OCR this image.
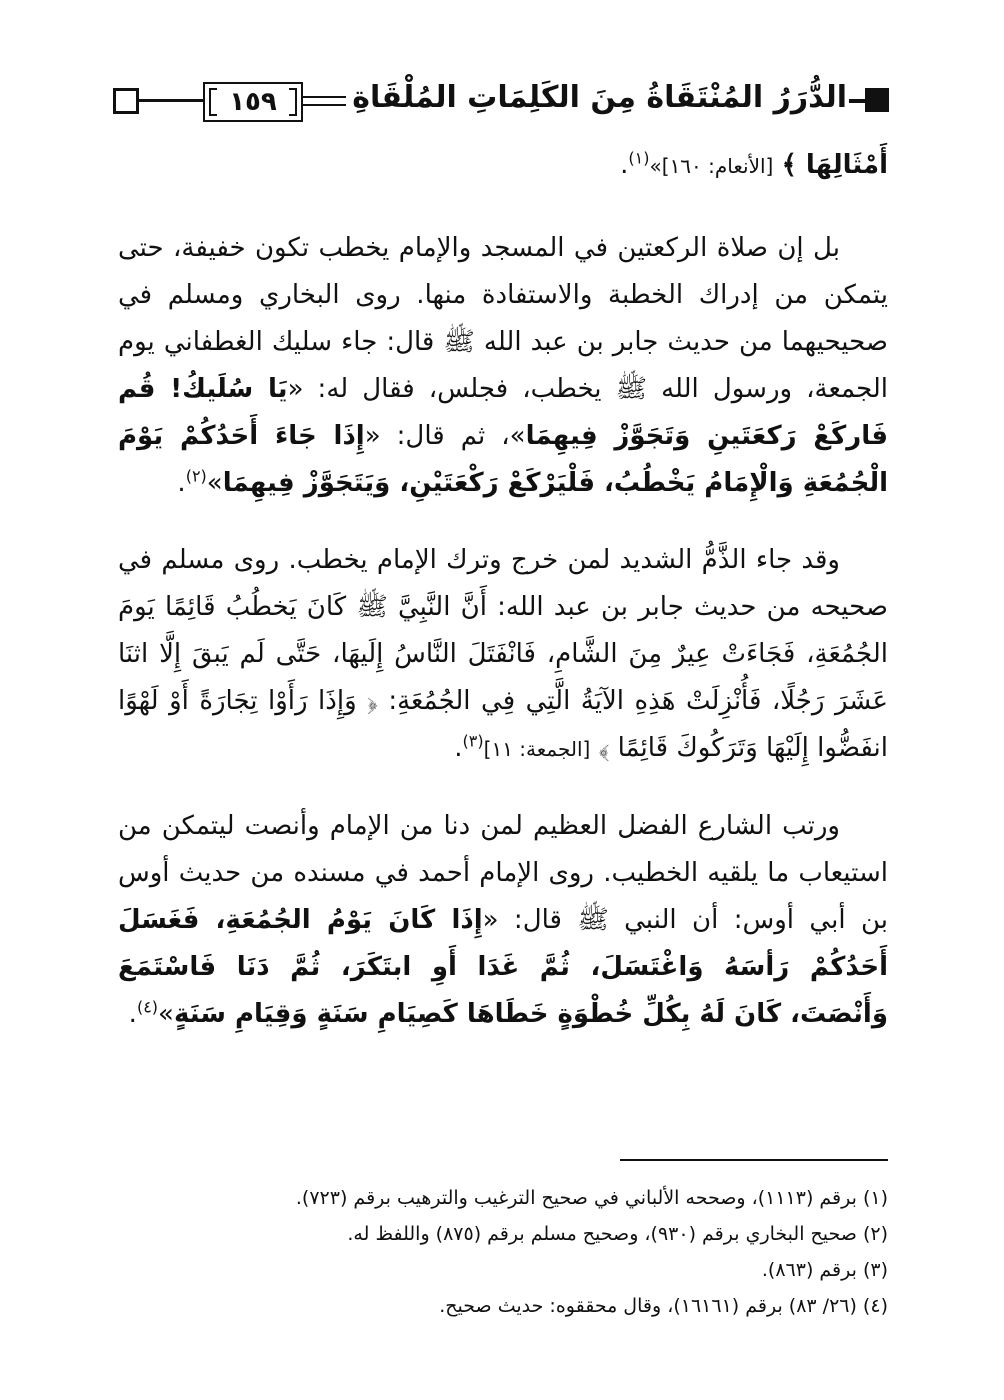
١٥٩	الدُّرَرُ المُنْتَقَاةُ مِنَ الكَلِمَاتِ المُلْقَاةِ

أَمْثَالِهَا ﴾ [الأنعام: ١٦٠]»$^{(١)}$.

بل إن صلاة الركعتين في المسجد والإمام يخطب تكون خفيفة، حتى يتمكن من إدراك الخطبة والاستفادة منها. روى البخاري ومسلم في صحيحيهما من حديث جابر بن عبد الله ﷺ قال: جاء سليك الغطفاني يوم الجمعة، ورسول الله ﷺ يخطب، فجلس، فقال له: «يَا سُلَيكُ! قُم فَاركَعْ رَكعَتَينِ وَتَجَوَّزْ فِيهِمَا»، ثم قال: «إِذَا جَاءَ أَحَدُكُمْ يَوْمَ الْجُمُعَةِ وَالْإِمَامُ يَخْطُبُ، فَلْيَرْكَعْ رَكْعَتَيْنِ، وَيَتَجَوَّزْ فِيهِمَا»$^{(٢)}$.

وقد جاء الذَّمُّ الشديد لمن خرج وترك الإمام يخطب. روى مسلم في صحيحه من حديث جابر بن عبد الله: أَنَّ النَّبِيَّ ﷺ كَانَ يَخطُبُ قَائِمًا يَومَ الجُمُعَةِ، فَجَاءَتْ عِيرٌ مِنَ الشَّامِ، فَانْفَتَلَ النَّاسُ إِلَيهَا، حَتَّى لَم يَبقَ إِلَّا اثنَا عَشَرَ رَجُلًا، فَأُنْزِلَتْ هَذِهِ الآيَةُ الَّتِي فِي الجُمُعَةِ: ﴿ وَإِذَا رَأَوْا تِجَارَةً أَوْ لَهْوًا انفَضُّوا إِلَيْهَا وَتَرَكُوكَ قَائِمًا ﴾ [الجمعة: ١١]$^{(٣)}$.

ورتب الشارع الفضل العظيم لمن دنا من الإمام وأنصت ليتمكن من استيعاب ما يلقيه الخطيب. روى الإمام أحمد في مسنده من حديث أوس بن أبي أوس: أن النبي ﷺ قال: «إِذَا كَانَ يَوْمُ الجُمُعَةِ، فَغَسَلَ أَحَدُكُمْ رَأسَهُ وَاغْتَسَلَ، ثُمَّ غَدَا أَوِ ابتَكَرَ، ثُمَّ دَنَا فَاسْتَمَعَ وَأَنْصَتَ، كَانَ لَهُ بِكُلِّ خُطْوَةٍ خَطَاهَا كَصِيَامِ سَنَةٍ وَقِيَامِ سَنَةٍ»$^{(٤)}$.

(١) برقم (١١١٣)، وصححه الألباني في صحيح الترغيب والترهيب برقم (٧٢٣).
(٢) صحيح البخاري برقم (٩٣٠)، وصحيح مسلم برقم (٨٧٥) واللفظ له.
(٣) برقم (٨٦٣).
(٤) (٢٦/ ٨٣) برقم (١٦١٦١)، وقال محققوه: حديث صحيح.
